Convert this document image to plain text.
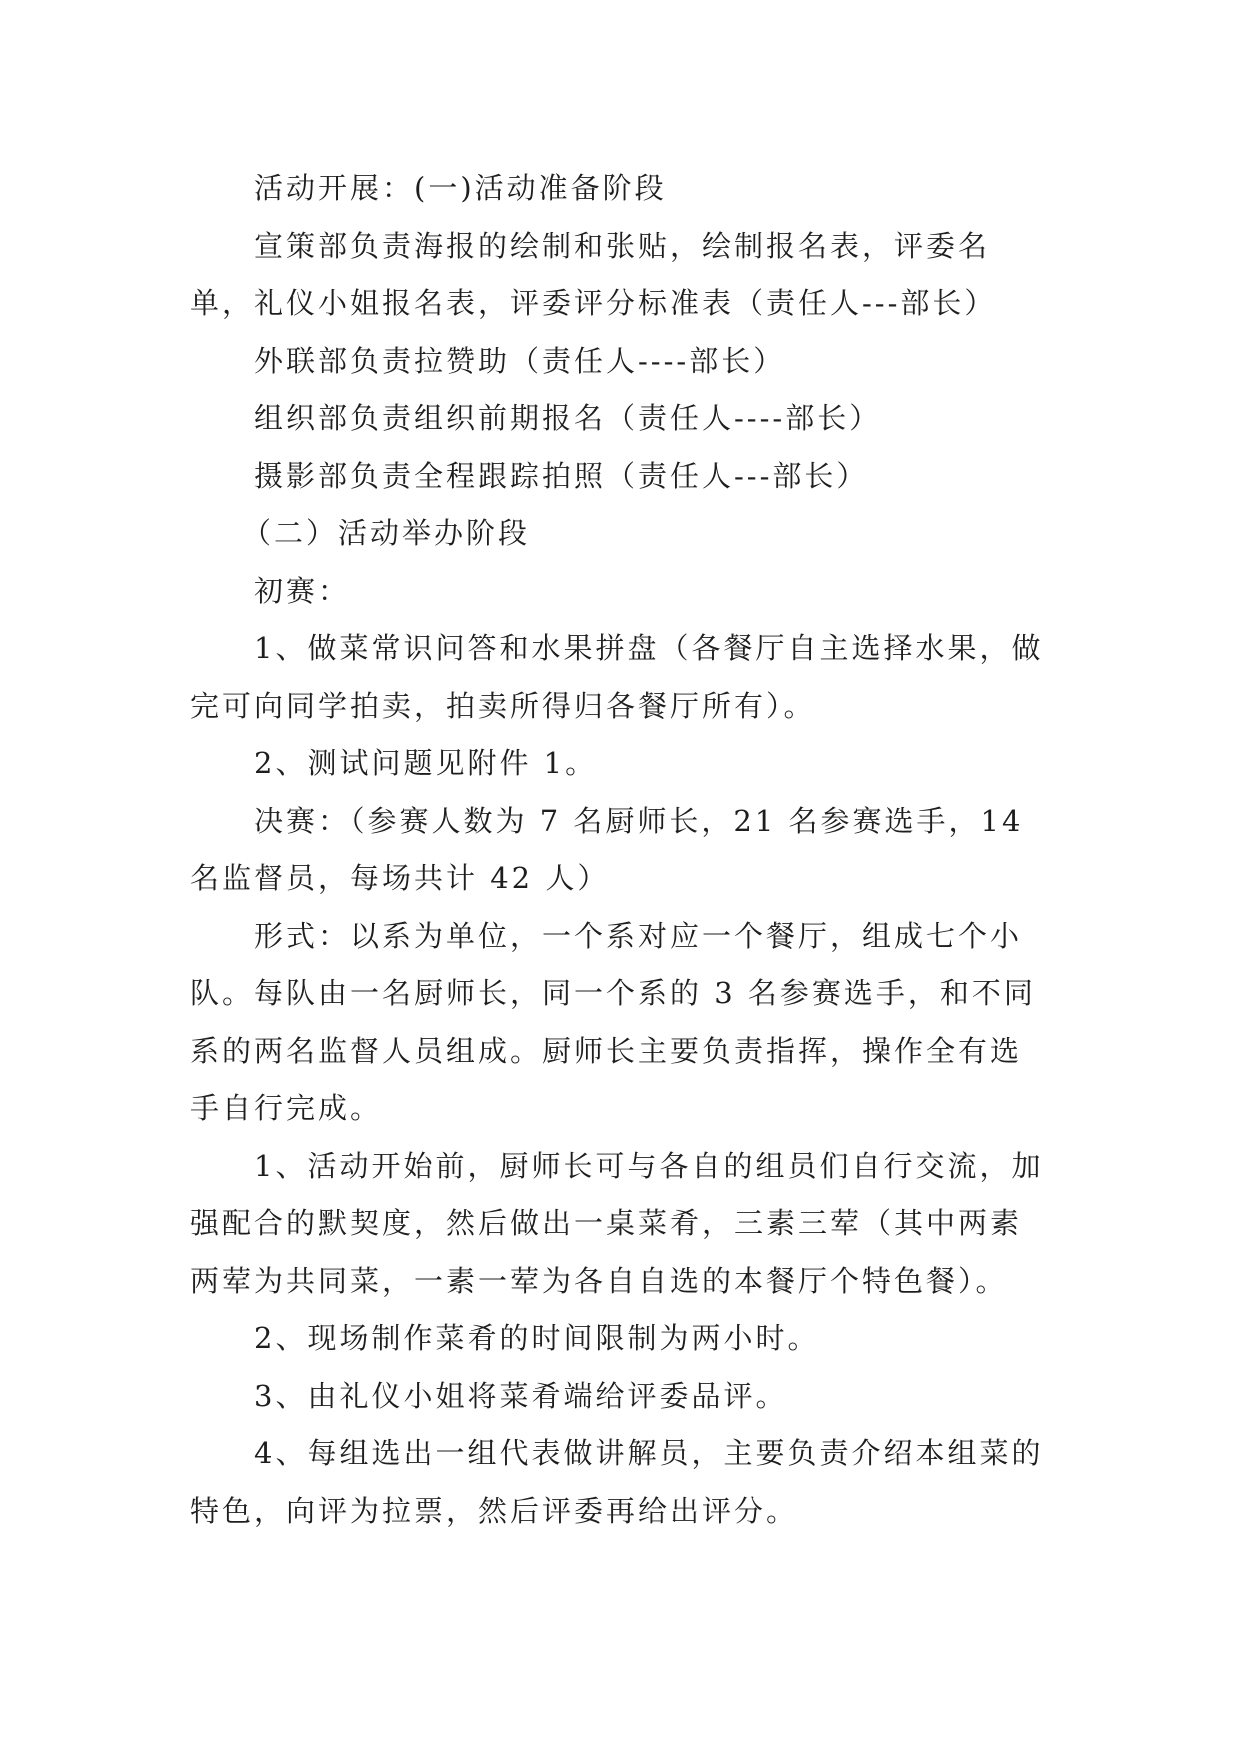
活动开展：(一)活动准备阶段

宣策部负责海报的绘制和张贴，绘制报名表，评委名单，礼仪小姐报名表，评委评分标准表（责任人---部长）

外联部负责拉赞助（责任人----部长）

组织部负责组织前期报名（责任人----部长）

摄影部负责全程跟踪拍照（责任人---部长）

（二）活动举办阶段

初赛：

1、做菜常识问答和水果拼盘（各餐厅自主选择水果，做完可向同学拍卖，拍卖所得归各餐厅所有）。

2、测试问题见附件 1。

决赛：（参赛人数为 7 名厨师长，21 名参赛选手，14 名监督员，每场共计 42 人）

形式：以系为单位，一个系对应一个餐厅，组成七个小队。每队由一名厨师长，同一个系的 3 名参赛选手，和不同系的两名监督人员组成。厨师长主要负责指挥，操作全有选手自行完成。

1、活动开始前，厨师长可与各自的组员们自行交流，加强配合的默契度，然后做出一桌菜肴，三素三荤（其中两素两荤为共同菜，一素一荤为各自自选的本餐厅个特色餐）。

2、现场制作菜肴的时间限制为两小时。

3、由礼仪小姐将菜肴端给评委品评。

4、每组选出一组代表做讲解员，主要负责介绍本组菜的特色，向评为拉票，然后评委再给出评分。
